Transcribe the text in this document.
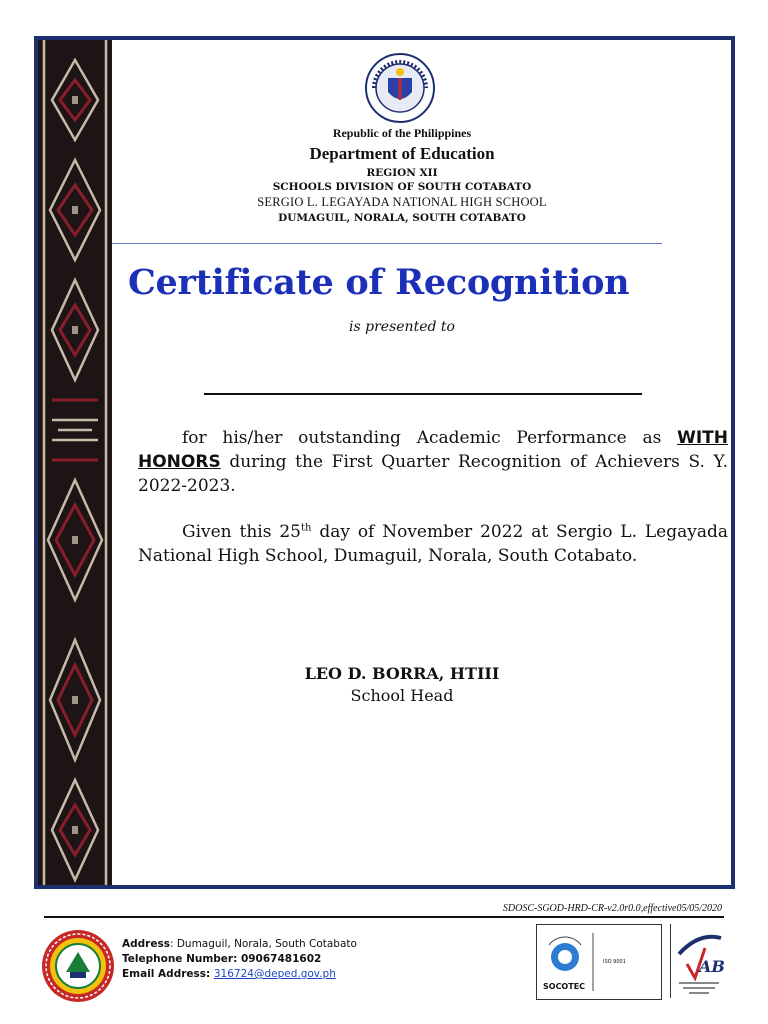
Republic of the Philippines
Department of Education
REGION XII
SCHOOLS DIVISION OF SOUTH COTABATO
SERGIO L. LEGAYADA NATIONAL HIGH SCHOOL
DUMAGUIL, NORALA, SOUTH COTABATO
Certificate of Recognition
is presented to
for his/her outstanding Academic Performance as WITH HONORS during the First Quarter Recognition of Achievers S. Y. 2022-2023.
Given this 25th day of November 2022 at Sergio L. Legayada National High School, Dumaguil, Norala, South Cotabato.
LEO D. BORRA, HTIII
School Head
SDOSC-SGOD-HRD-CR-v2.0r0.0,effective05/05/2020
Address: Dumaguil, Norala, South Cotabato
Telephone Number: 09067481602
Email Address: 316724@deped.gov.ph
SOCOTEC
ISO 9001	AB
